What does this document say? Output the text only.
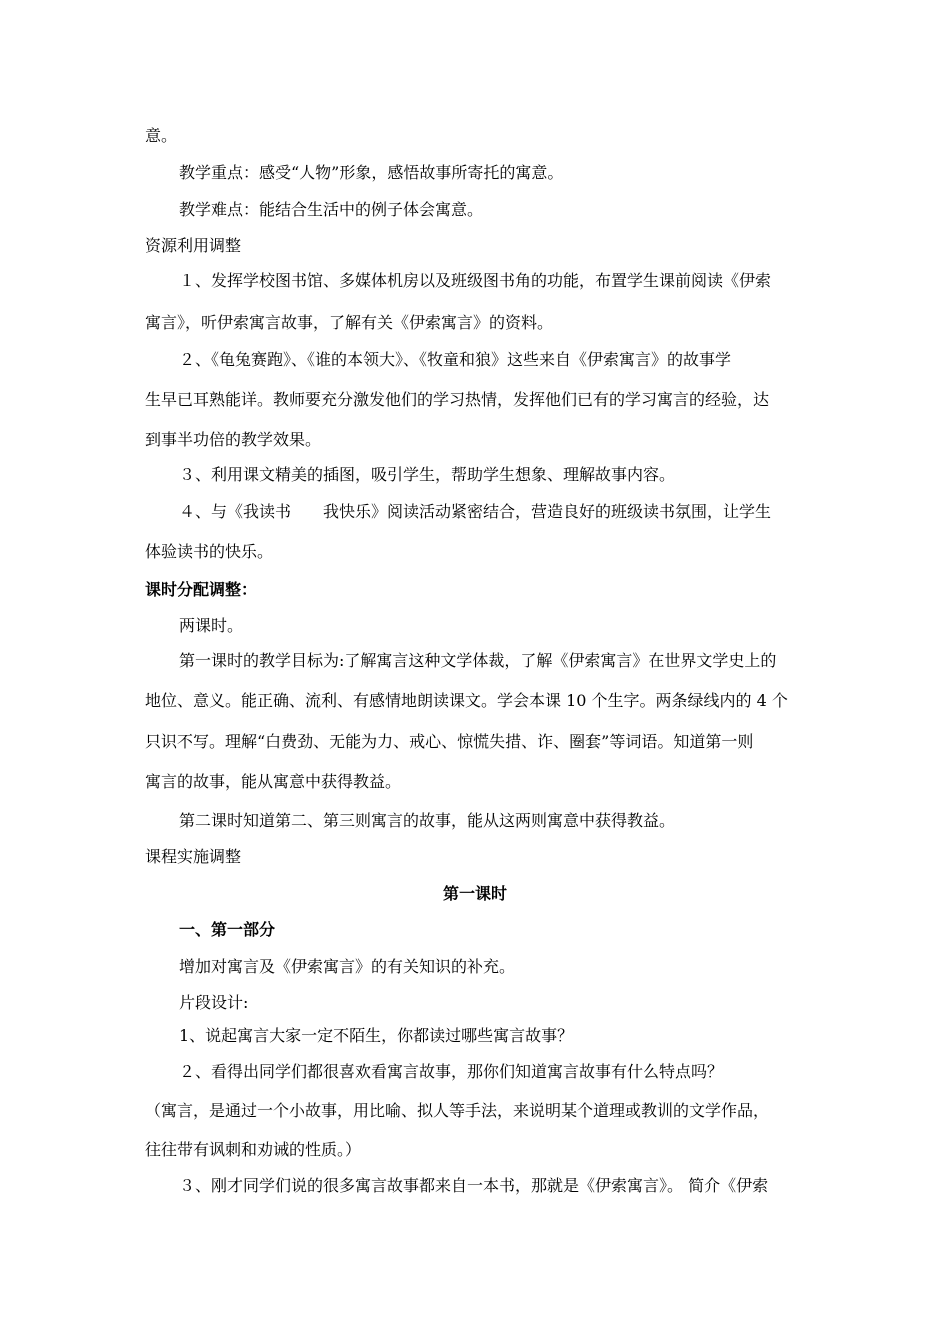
意。
教学重点：感受“人物”形象，感悟故事所寄托的寓意。
教学难点：能结合生活中的例子体会寓意。
资源利用调整
１、发挥学校图书馆、多媒体机房以及班级图书角的功能，布置学生课前阅读《伊索
寓言》，听伊索寓言故事，了解有关《伊索寓言》的资料。
２、《龟兔赛跑》、《谁的本领大》、《牧童和狼》这些来自《伊索寓言》的故事学
生早已耳熟能详。教师要充分激发他们的学习热情，发挥他们已有的学习寓言的经验，达
到事半功倍的教学效果。
３、利用课文精美的插图，吸引学生，帮助学生想象、理解故事内容。
４、与《我读书　　我快乐》阅读活动紧密结合，营造良好的班级读书氛围，让学生
体验读书的快乐。
课时分配调整：
两课时。
第一课时的教学目标为:了解寓言这种文学体裁，了解《伊索寓言》在世界文学史上的
地位、意义。能正确、流利、有感情地朗读课文。学会本课 10 个生字。两条绿线内的 4 个
只识不写。理解“白费劲、无能为力、戒心、惊慌失措、诈、圈套”等词语。知道第一则
寓言的故事，能从寓意中获得教益。
第二课时知道第二、第三则寓言的故事，能从这两则寓意中获得教益。
课程实施调整
第一课时
一、第一部分
增加对寓言及《伊索寓言》的有关知识的补充。
片段设计:
1、说起寓言大家一定不陌生，你都读过哪些寓言故事？
２、看得出同学们都很喜欢看寓言故事，那你们知道寓言故事有什么特点吗？
（寓言，是通过一个小故事，用比喻、拟人等手法，来说明某个道理或教训的文学作品，
往往带有讽刺和劝诫的性质。）
３、刚才同学们说的很多寓言故事都来自一本书，那就是《伊索寓言》。 简介《伊索
